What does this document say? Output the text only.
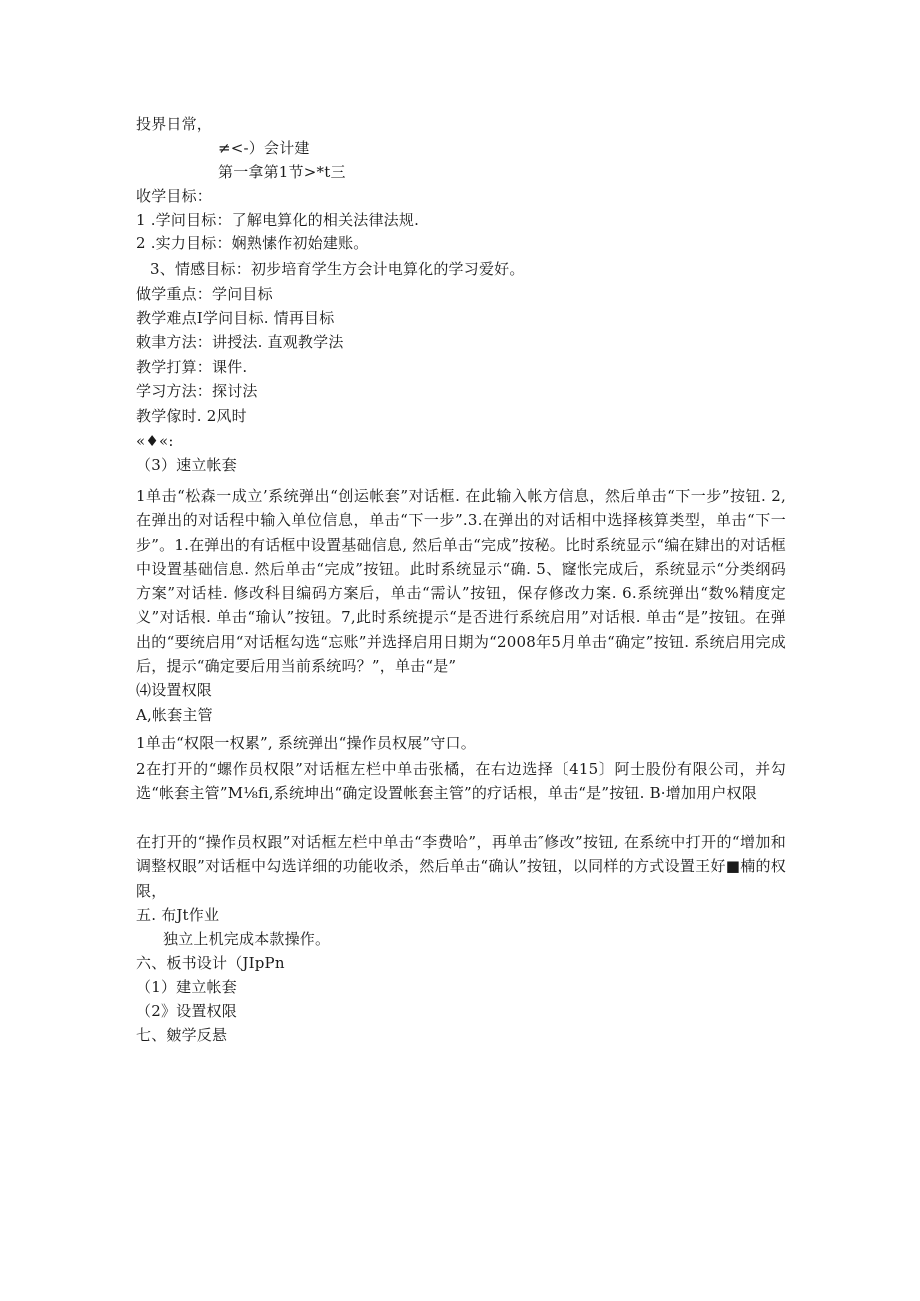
投界日常，
≠<-）会计建
第一拿第1节>*t三
收学目标：
1 .学问目标：了解电算化的相关法律法规.
2 .实力目标：娴熟愫作初始建账。
3、情感目标：初步培育学生方会计电算化的学习爱好。
做学重点：学问目标
教学难点I学问目标. 情再目标
敕聿方法：讲授法. 直观教学法
教学打算：课件.
学习方法：探讨法
教学傢时. 2风时
«♦«:
（3）速立帐套
1单击“松森一成立’系统弹出“创运帐套”对话框. 在此输入帐方信息，然后单击“下一步”按钮. 2,在弹出的对话程中输入单位信息，单击“下一步”.3.在弹出的对话相中选择核算类型，单击“下一步”。1.在弹出的有话框中设置基础信息, 然后单击“完成”按秘。比时系统显示“编在肄出的对话框中设置基础信息. 然后单击“完成”按钮。此时系统显示“确. 5、窿怅完成后，系统显示“分类纲码方案”对话桂. 修改科目编码方案后，单击“需认”按钮，保存修改力案. 6.系统弹出“数%精度定义”对话根. 单击“瑜认”按钮。7,此时系统提示“是否进行系统启用”对话根. 单击“是”按钮。在弹出的“要统启用“对话框勾选“忘账”并选择启用日期为“2008年5月单击“确定”按钮. 系统启用完成后，提示“确定要后用当前系统吗？”，单击“是”
⑷设置权限
A,帐套主管
1单击“权限一权累”, 系统弹出“操作员权展”守口。
2在打开的“螺作员权限”对话框左栏中单击张橘，在右边选择〔415〕阿士股份有限公司，并勾选“帐套主管”M⅛fi,系统坤出“确定设置帐套主管”的疗话根，单击“是”按钮. B·增加用户权限
在打开的“操作员权跟”对话框左栏中单击“李费哈”，再单击″修改”按钮, 在系统中打开的“增加和调整权眼”对话框中勾选详细的功能收杀，然后单击“确认”按钮，以同样的方式设置王好■楠的权限，
五. 布Jt作业
独立上机完成本款操作。
六、板书设计（JIpPn
（1）建立帐套
（2》设置权限
七、皴学反悬
